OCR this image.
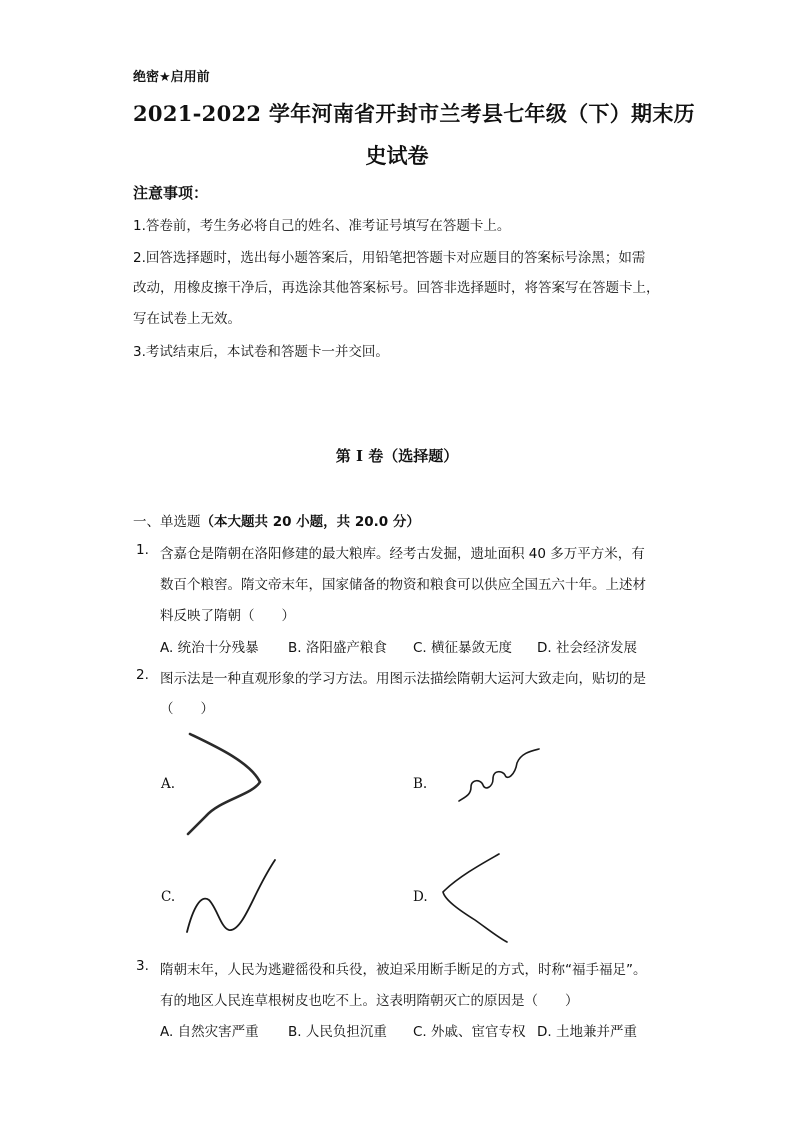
绝密★启用前
2021-2022 学年河南省开封市兰考县七年级（下）期末历
史试卷
注意事项：
1.答卷前，考生务必将自己的姓名、准考证号填写在答题卡上。
2.回答选择题时，选出每小题答案后，用铅笔把答题卡对应题目的答案标号涂黑；如需
改动，用橡皮擦干净后，再选涂其他答案标号。回答非选择题时，将答案写在答题卡上，
写在试卷上无效。
3.考试结束后，本试卷和答题卡一并交回。
第 I 卷（选择题）
一、单选题（本大题共 20 小题，共 20.0 分）
1. 含嘉仓是隋朝在洛阳修建的最大粮库。经考古发掘，遗址面积 40 多万平方米，有
数百个粮窖。隋文帝末年，国家储备的物资和粮食可以供应全国五六十年。上述材
料反映了隋朝（　　）
A. 统治十分残暴 B. 洛阳盛产粮食 C. 横征暴敛无度 D. 社会经济发展
2. 图示法是一种直观形象的学习方法。用图示法描绘隋朝大运河大致走向，贴切的是
（　　）
A.	B.
C.	D.
3. 隋朝末年，人民为逃避徭役和兵役，被迫采用断手断足的方式，时称“福手福足”。
有的地区人民连草根树皮也吃不上。这表明隋朝灭亡的原因是（　　）
A. 自然灾害严重 B. 人民负担沉重 C. 外戚、宦官专权 D. 土地兼并严重
